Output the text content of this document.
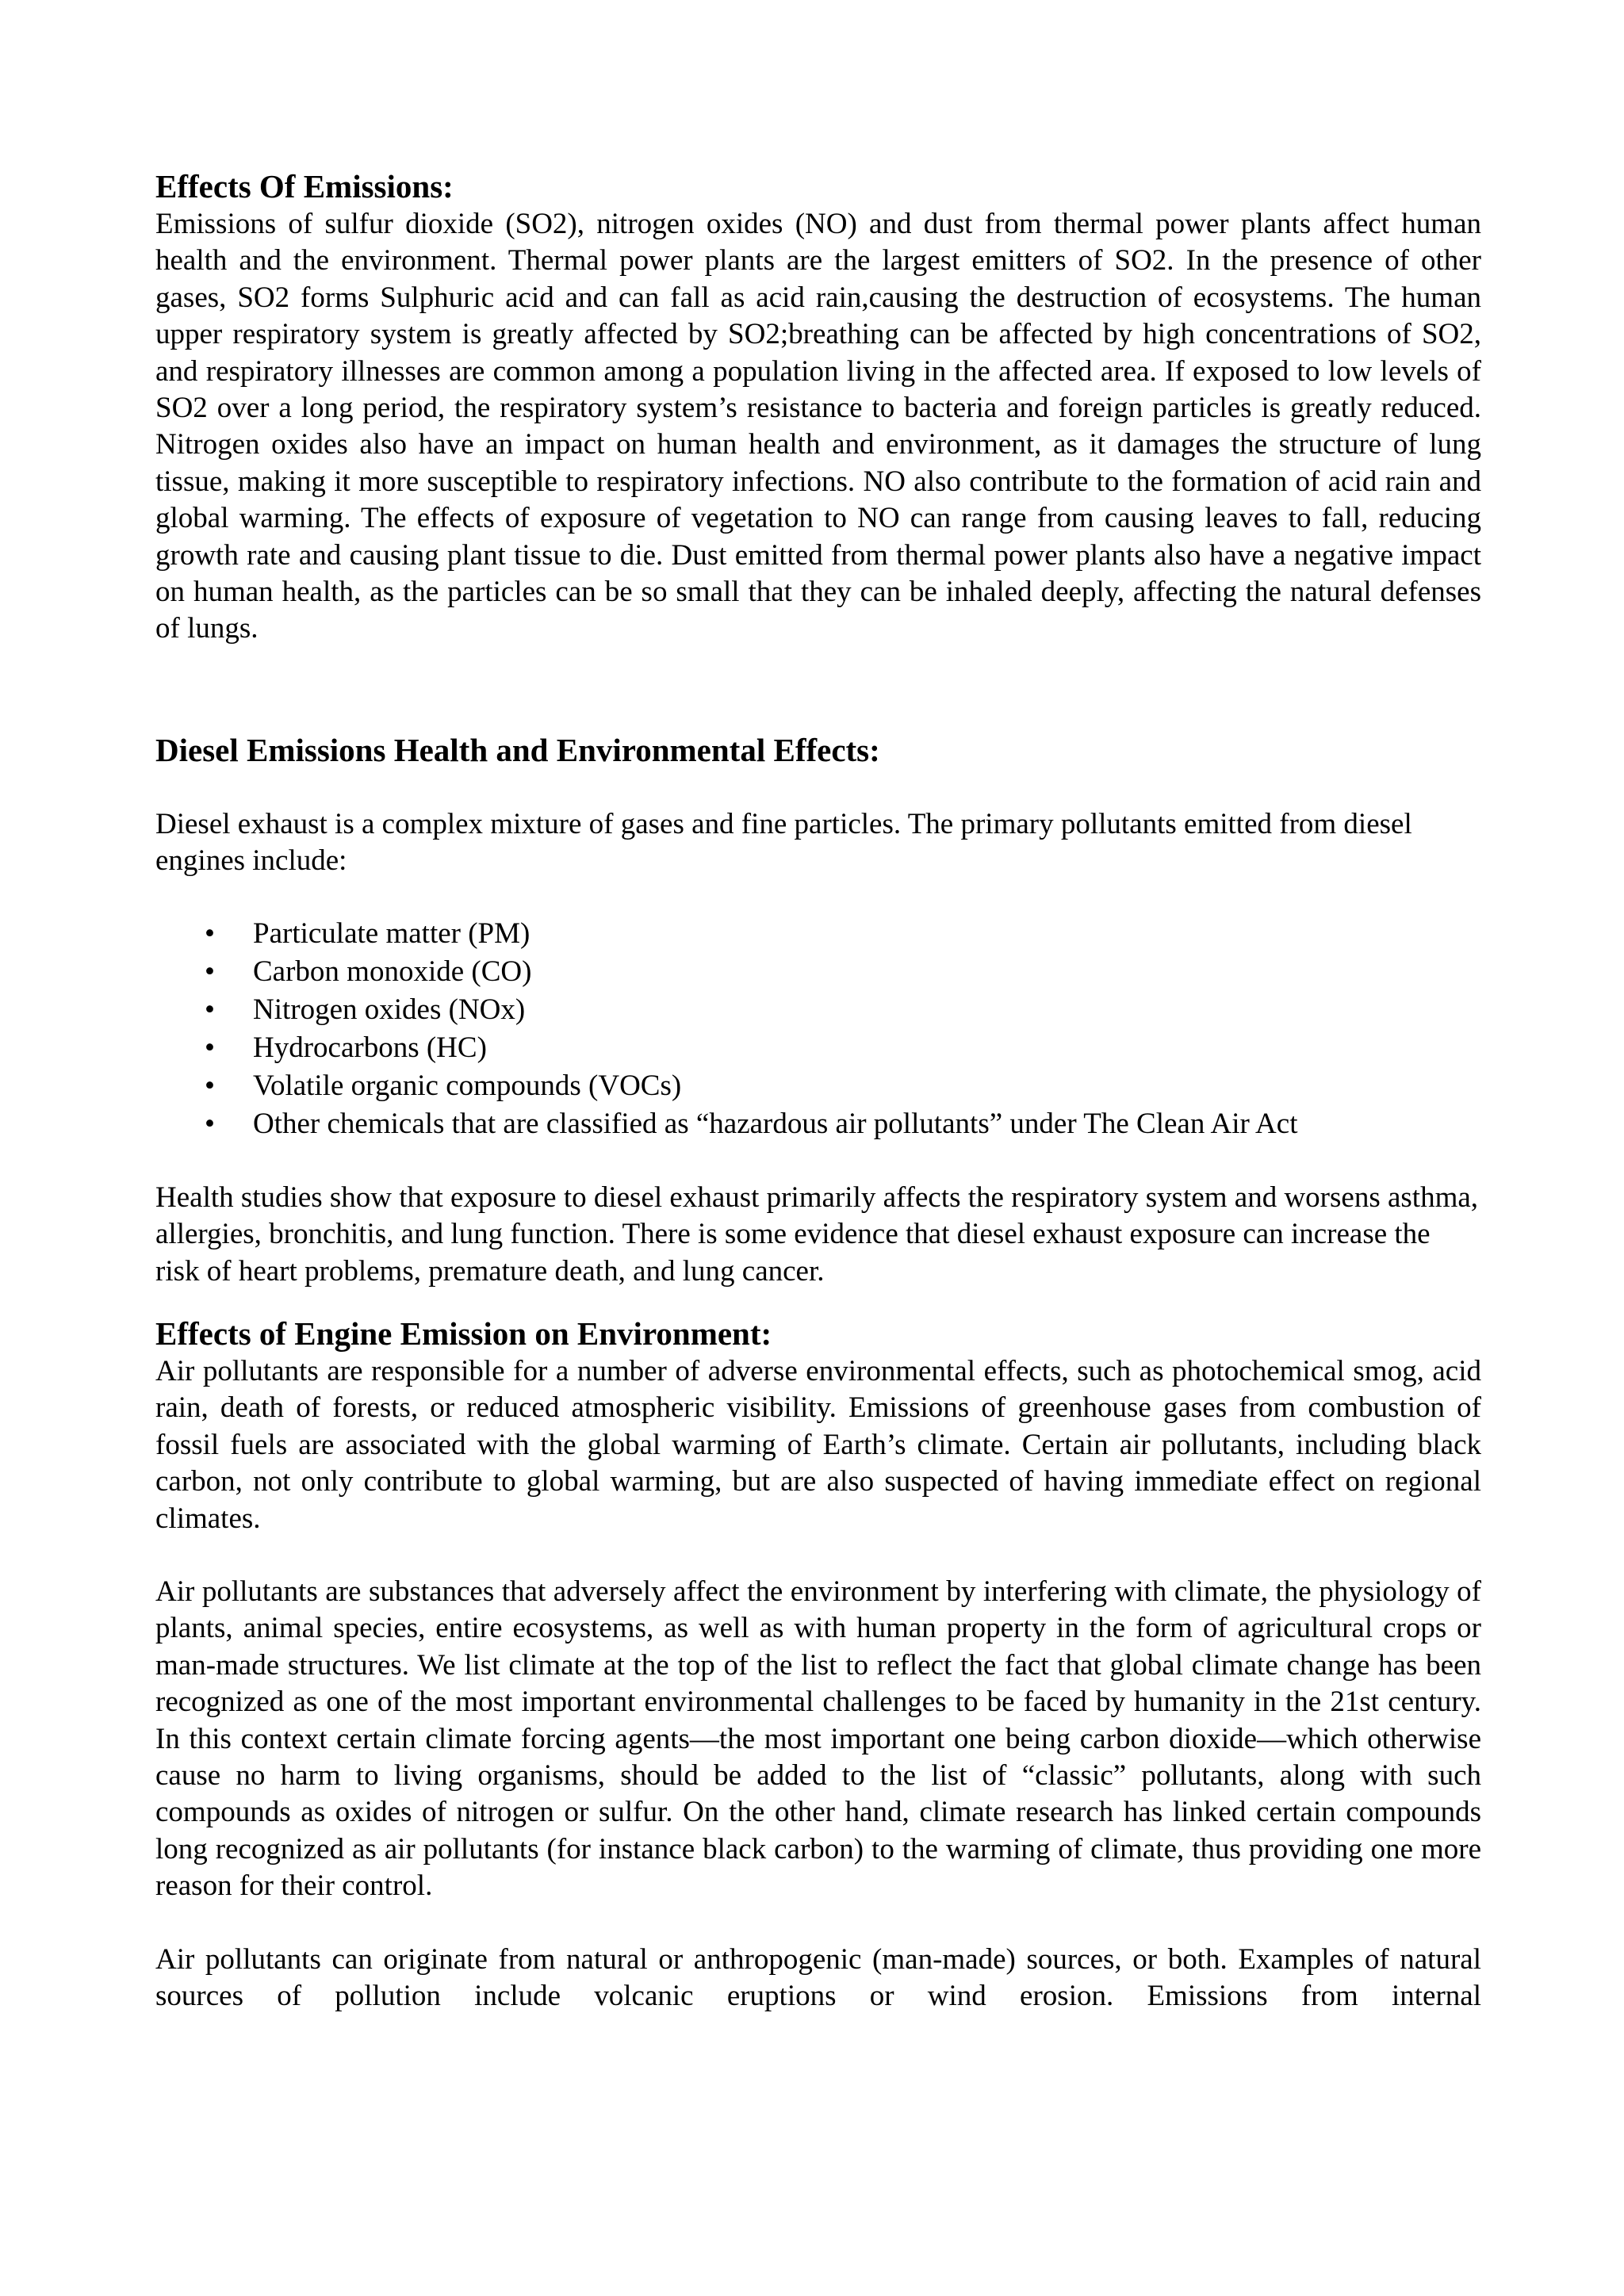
Effects Of Emissions:

Emissions of sulfur dioxide (SO2), nitrogen oxides (NO) and dust from thermal power plants affect human health and the environment. Thermal power plants are the largest emitters of SO2. In the presence of other gases, SO2 forms Sulphuric acid and can fall as acid rain,causing the destruction of ecosystems. The human upper respiratory system is greatly affected by SO2;breathing can be affected by high concentrations of SO2, and respiratory illnesses are common among a population living in the affected area. If exposed to low levels of SO2 over a long period, the respiratory system’s resistance to bacteria and foreign particles is greatly reduced. Nitrogen oxides also have an impact on human health and environment, as it damages the structure of lung tissue, making it more susceptible to respiratory infections. NO also contribute to the formation of acid rain and global warming. The effects of exposure of vegetation to NO can range from causing leaves to fall, reducing growth rate and causing plant tissue to die. Dust emitted from thermal power plants also have a negative impact on human health, as the particles can be so small that they can be inhaled deeply, affecting the natural defenses of lungs.

Diesel Emissions Health and Environmental Effects:

Diesel exhaust is a complex mixture of gases and fine particles. The primary pollutants emitted from diesel engines include:

• Particulate matter (PM)
• Carbon monoxide (CO)
• Nitrogen oxides (NOx)
• Hydrocarbons (HC)
• Volatile organic compounds (VOCs)
• Other chemicals that are classified as “hazardous air pollutants” under The Clean Air Act

Health studies show that exposure to diesel exhaust primarily affects the respiratory system and worsens asthma, allergies, bronchitis, and lung function. There is some evidence that diesel exhaust exposure can increase the risk of heart problems, premature death, and lung cancer.

Effects of Engine Emission on Environment:

Air pollutants are responsible for a number of adverse environmental effects, such as photochemical smog, acid rain, death of forests, or reduced atmospheric visibility. Emissions of greenhouse gases from combustion of fossil fuels are associated with the global warming of Earth’s climate. Certain air pollutants, including black carbon, not only contribute to global warming, but are also suspected of having immediate effect on regional climates.

Air pollutants are substances that adversely affect the environment by interfering with climate, the physiology of plants, animal species, entire ecosystems, as well as with human property in the form of agricultural crops or man-made structures. We list climate at the top of the list to reflect the fact that global climate change has been recognized as one of the most important environmental challenges to be faced by humanity in the 21st century. In this context certain climate forcing agents—the most important one being carbon dioxide—which otherwise cause no harm to living organisms, should be added to the list of “classic” pollutants, along with such compounds as oxides of nitrogen or sulfur. On the other hand, climate research has linked certain compounds long recognized as air pollutants (for instance black carbon) to the warming of climate, thus providing one more reason for their control.

Air pollutants can originate from natural or anthropogenic (man-made) sources, or both. Examples of natural sources of pollution include volcanic eruptions or wind erosion. Emissions from internal
